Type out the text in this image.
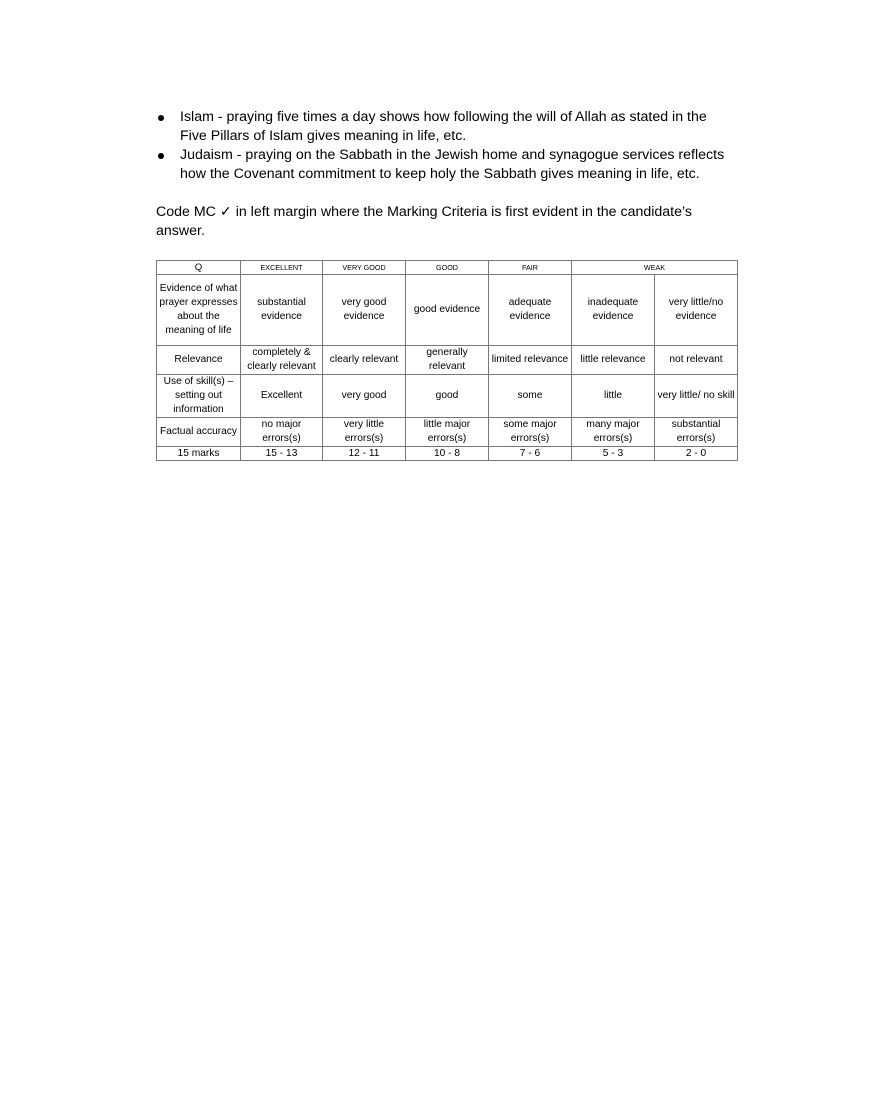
Islam - praying five times a day shows how following the will of Allah as stated in the
Five Pillars of Islam gives meaning in life, etc.
Judaism - praying on the Sabbath in the Jewish home and synagogue services reflects
how the Covenant commitment to keep holy the Sabbath gives meaning in life, etc.

Code MC ✓ in left margin where the Marking Criteria is first evident in the candidate’s
answer.

Q	EXCELLENT	VERY GOOD	GOOD	FAIR	WEAK	
Evidence of what prayer expresses about the meaning of life	substantial evidence	very good evidence	good evidence	adequate evidence	inadequate evidence	very little/no evidence
Relevance	completely & clearly relevant	clearly relevant	generally relevant	limited relevance	little relevance	not relevant
Use of skill(s) – setting out information	Excellent	very good	good	some	little	very little/ no skill
Factual accuracy	no major errors(s)	very little errors(s)	little major errors(s)	some major errors(s)	many major errors(s)	substantial errors(s)
15 marks	15 - 13	12 - 11	10 - 8	7 - 6	5 - 3	2 - 0
